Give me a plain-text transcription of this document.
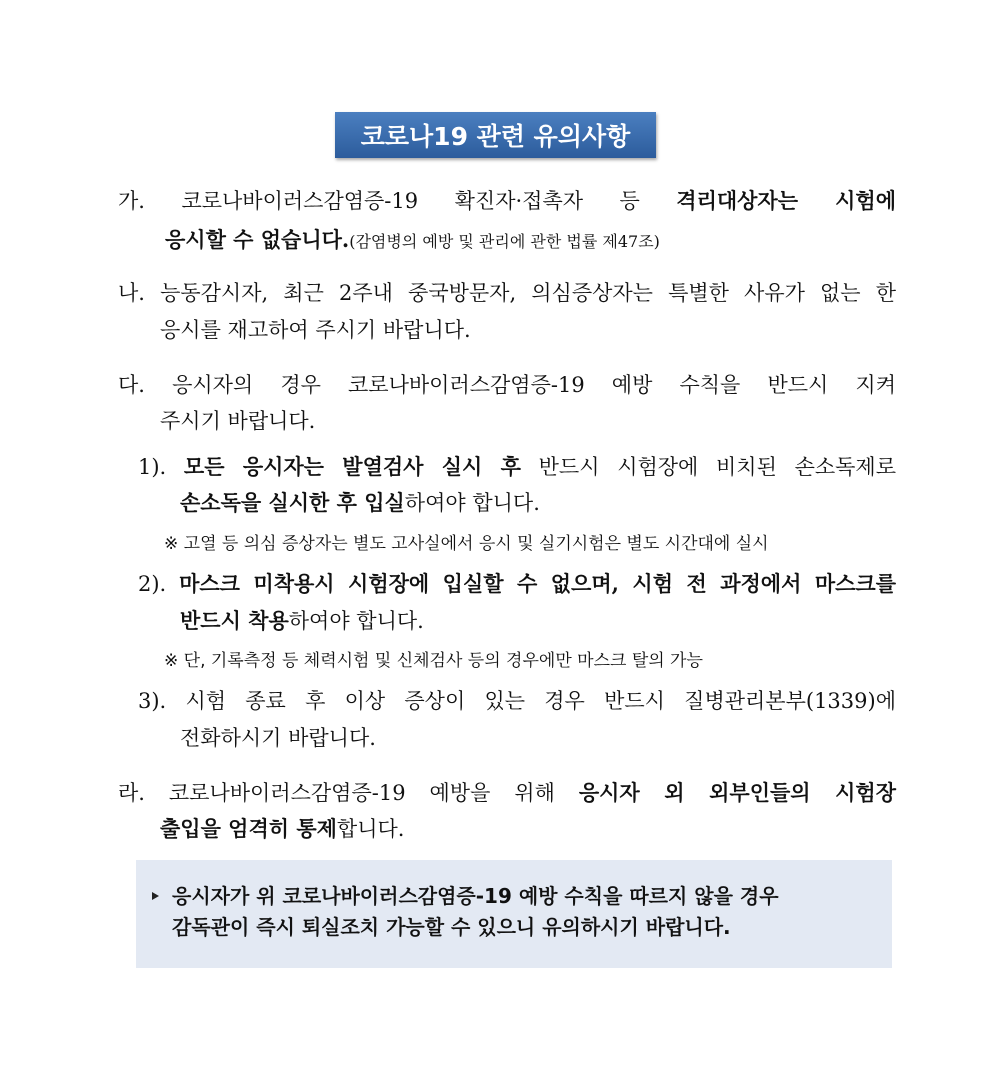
코로나19 관련 유의사항
가. 코로나바이러스감염증-19 확진자·접촉자 등 격리대상자는 시험에
응시할 수 없습니다.(감염병의 예방 및 관리에 관한 법률 제47조)
나. 능동감시자, 최근 2주내 중국방문자, 의심증상자는 특별한 사유가 없는 한
응시를 재고하여 주시기 바랍니다.
다. 응시자의 경우 코로나바이러스감염증-19 예방 수칙을 반드시 지켜
주시기 바랍니다.
1). 모든 응시자는 발열검사 실시 후 반드시 시험장에 비치된 손소독제로
손소독을 실시한 후 입실하여야 합니다.
※ 고열 등 의심 증상자는 별도 고사실에서 응시 및 실기시험은 별도 시간대에 실시
2). 마스크 미착용시 시험장에 입실할 수 없으며, 시험 전 과정에서 마스크를
반드시 착용하여야 합니다.
※ 단, 기록측정 등 체력시험 및 신체검사 등의 경우에만 마스크 탈의 가능
3). 시험 종료 후 이상 증상이 있는 경우 반드시 질병관리본부(1339)에
전화하시기 바랍니다.
라. 코로나바이러스감염증-19 예방을 위해 응시자 외 외부인들의 시험장
출입을 엄격히 통제합니다.
응시자가 위 코로나바이러스감염증-19 예방 수칙을 따르지 않을 경우
감독관이 즉시 퇴실조치 가능할 수 있으니 유의하시기 바랍니다.
